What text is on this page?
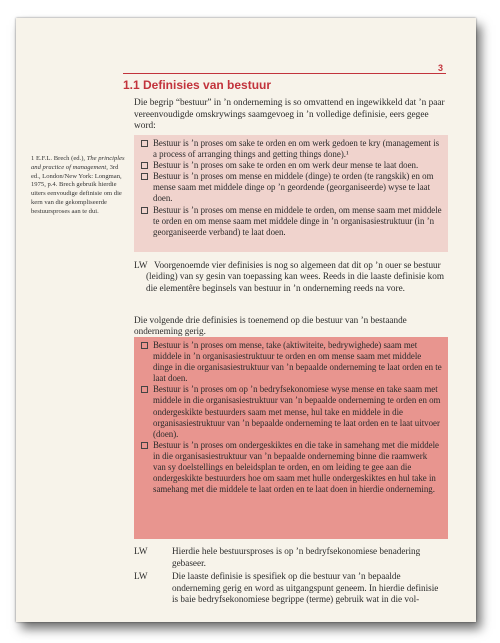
3
1.1 Definisies van bestuur
Die begrip “bestuur” in ’n onderneming is so omvattend en ingewikkeld dat ’n paar vereenvoudigde omskrywings saamgevoeg in ’n volledige definisie, eers gegee word:
1 E.F.L. Brech (ed.), The principles and practice of management, 3rd ed., London/New York: Longman, 1975, p.4. Brech gebruik hierdie uiters eenvoudige definisie om die kern van die gekompliseerde bestuursproses aan te dui.
Bestuur is ’n proses om sake te orden en om werk gedoen te kry (management is a process of arranging things and getting things done).¹
Bestuur is ’n proses om sake te orden en om werk deur mense te laat doen.
Bestuur is ’n proses om mense en middele (dinge) te orden (te rangskik) en om mense saam met middele dinge op ’n geordende (georganiseerde) wyse te laat doen.
Bestuur is ’n proses om mense en middele te orden, om mense saam met middele te orden en om mense saam met middele dinge in ’n organisasiestruktuur (in ’n georganiseerde verband) te laat doen.
LW Voorgenoemde vier definisies is nog so algemeen dat dit op ’n ouer se bestuur (leiding) van sy gesin van toepassing kan wees. Reeds in die laaste definisie kom die elementêre beginsels van bestuur in ’n onderneming reeds na vore.
Die volgende drie definisies is toenemend op die bestuur van ’n bestaande onderneming gerig.
Bestuur is ’n proses om mense, take (aktiwiteite, bedrywighede) saam met middele in ’n organisasiestruktuur te orden en om mense saam met middele dinge in die organisasiestruktuur van ’n bepaalde onderneming te laat orden en te laat doen.
Bestuur is ’n proses om op ’n bedryfsekonomiese wyse mense en take saam met middele in die organisasiestruktuur van ’n bepaalde onderneming te orden en om ondergeskikte bestuurders saam met mense, hul take en middele in die organisasiestruktuur van ’n bepaalde onderneming te laat orden en te laat uitvoer (doen).
Bestuur is ’n proses om ondergeskiktes en die take in samehang met die middele in die organisasiestruktuur van ’n bepaalde onderneming binne die raamwerk van sy doelstellings en beleidsplan te orden, en om leiding te gee aan die ondergeskikte bestuurders hoe om saam met hulle ondergeskiktes en hul take in samehang met die middele te laat orden en te laat doen in hierdie onderneming.
LW	Hierdie hele bestuursproses is op ’n bedryfsekonomiese benadering gebaseer.
LW	Die laaste definisie is spesifiek op die bestuur van ’n bepaalde onderneming gerig en word as uitgangspunt geneem. In hierdie definisie is baie bedryfsekonomiese begrippe (terme) gebruik wat in die vol-
